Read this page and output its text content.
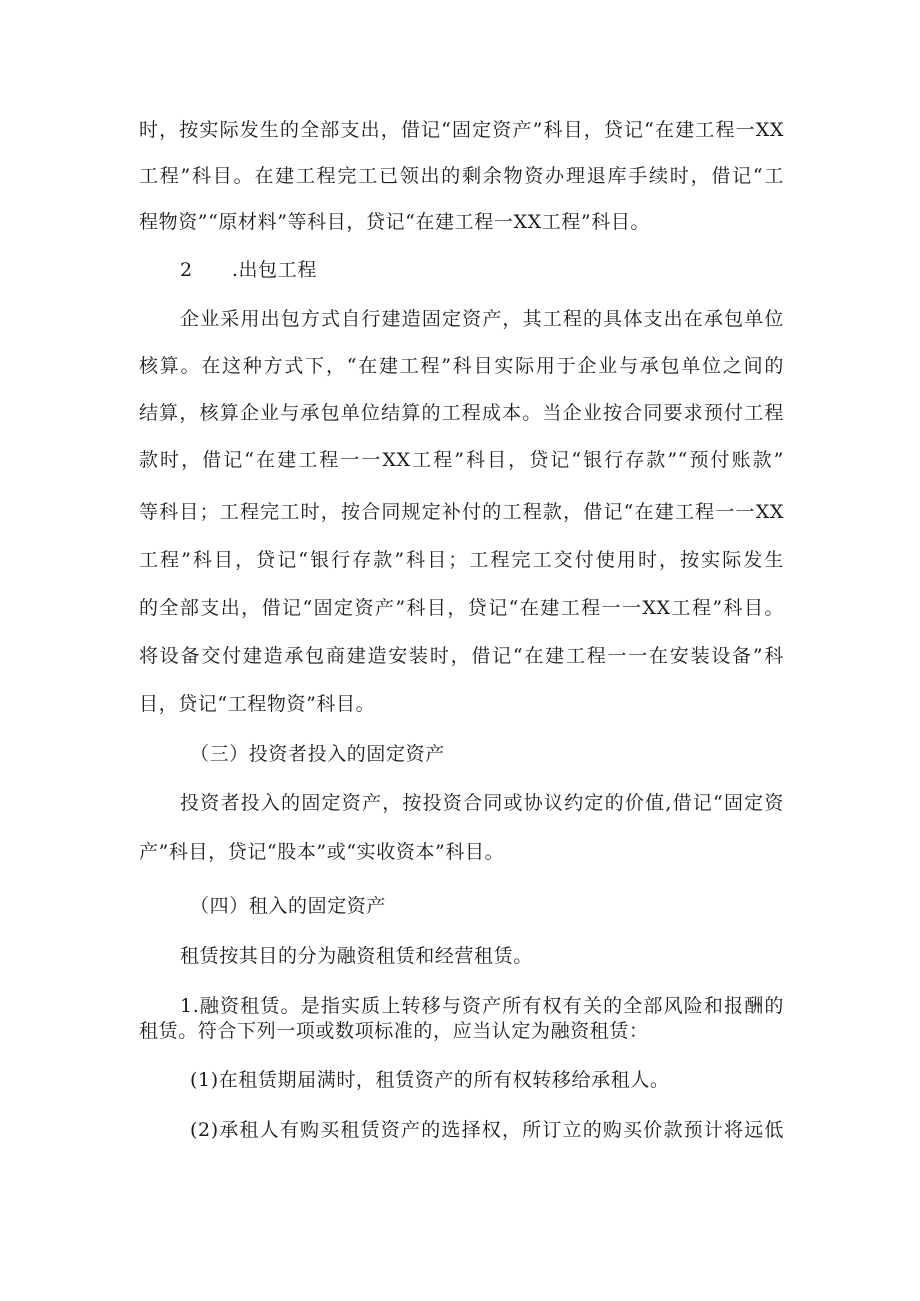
时，按实际发生的全部支出，借记“固定资产”科目，贷记“在建工程一XX
工程”科目。在建工程完工已领出的剩余物资办理退库手续时，借记“工
程物资”“原材料”等科目，贷记“在建工程一XX工程”科目。
2　　.出包工程
企业采用出包方式自行建造固定资产，其工程的具体支出在承包单位
核算。在这种方式下，“在建工程”科目实际用于企业与承包单位之间的
结算，核算企业与承包单位结算的工程成本。当企业按合同要求预付工程
款时，借记“在建工程一一XX工程”科目，贷记“银行存款”“预付账款”
等科目；工程完工时，按合同规定补付的工程款，借记“在建工程一一XX
工程”科目，贷记“银行存款”科目；工程完工交付使用时，按实际发生
的全部支出，借记“固定资产”科目，贷记“在建工程一一XX工程”科目。
将设备交付建造承包商建造安装时，借记“在建工程一一在安装设备”科
目，贷记“工程物资”科目。
（三）投资者投入的固定资产
投资者投入的固定资产，按投资合同或协议约定的价值,借记“固定资
产”科目，贷记“股本”或“实收资本”科目。
（四）租入的固定资产
租赁按其目的分为融资租赁和经营租赁。
1.融资租赁。是指实质上转移与资产所有权有关的全部风险和报酬的
租赁。符合下列一项或数项标准的，应当认定为融资租赁：
(1)在租赁期届满时，租赁资产的所有权转移给承租人。
(2)承租人有购买租赁资产的选择权，所订立的购买价款预计将远低
